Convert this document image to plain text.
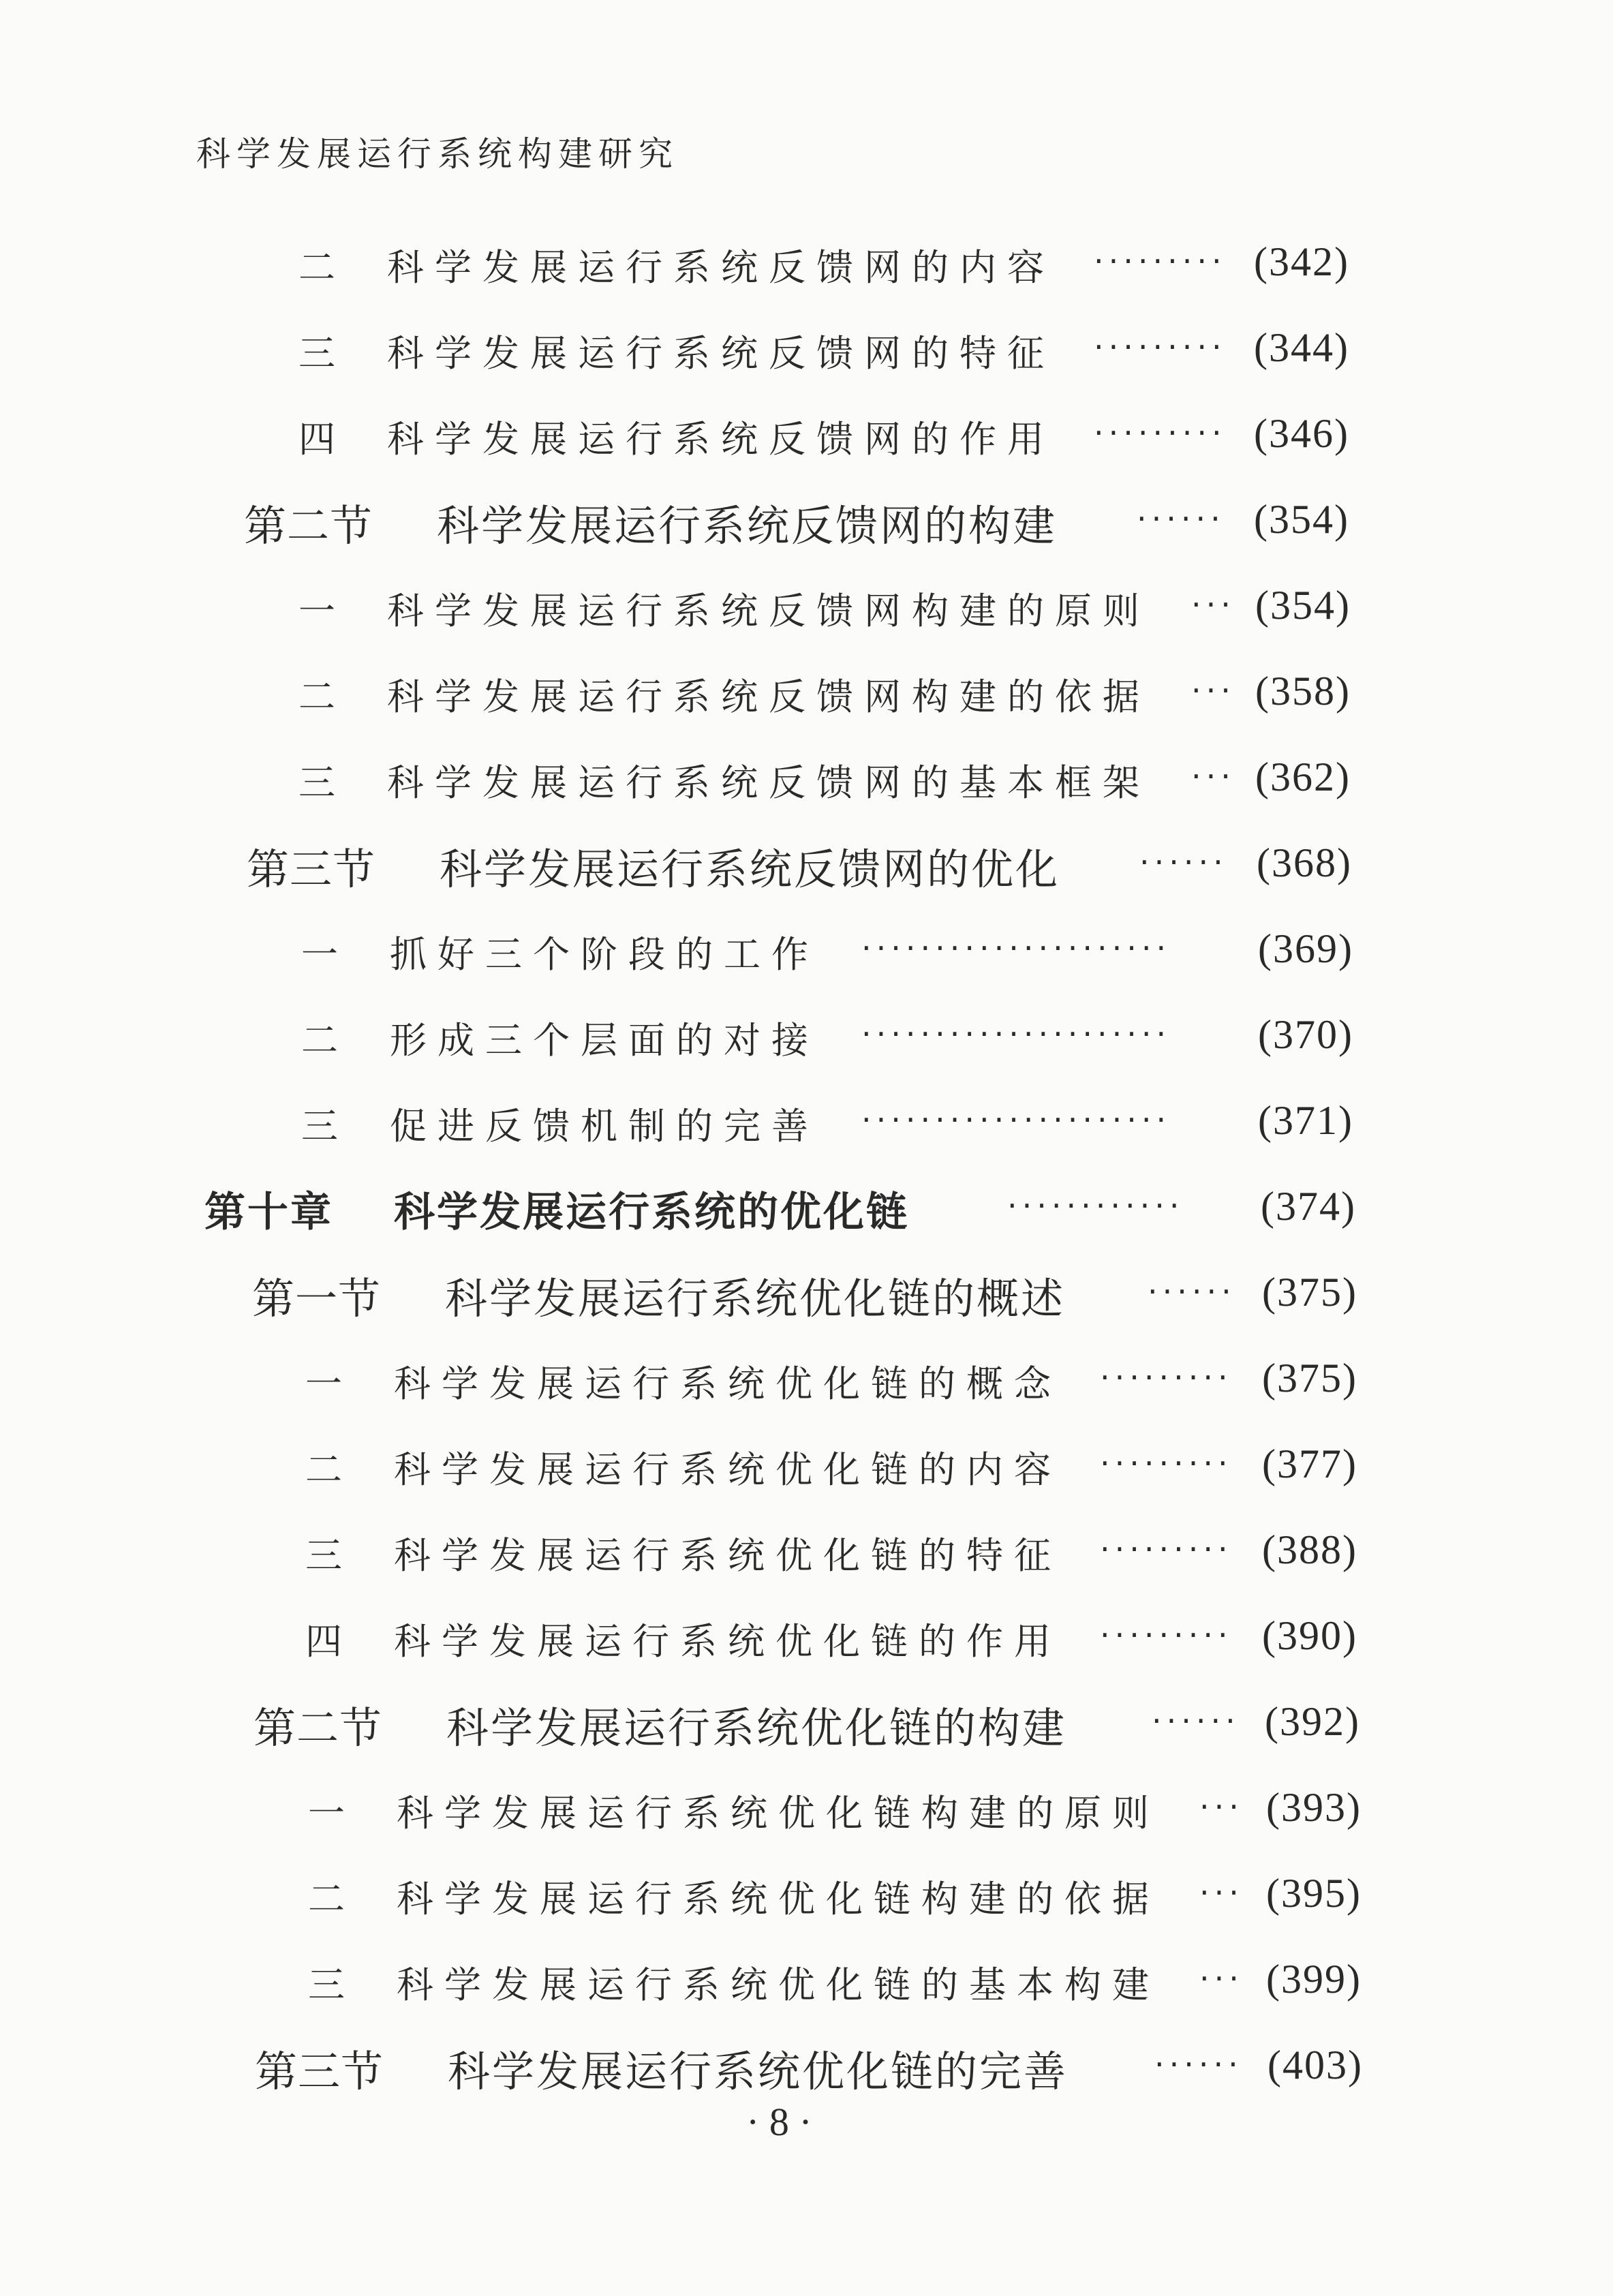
科学发展运行系统构建研究
二	科学发展运行系统反馈网的内容 ········· (342)
三	科学发展运行系统反馈网的特征 ········· (344)
四	科学发展运行系统反馈网的作用 ········· (346)
第二节	科学发展运行系统反馈网的构建	······ (354)
一	科学发展运行系统反馈网构建的原则 ··· (354)
二	科学发展运行系统反馈网构建的依据 ··· (358)
三	科学发展运行系统反馈网的基本框架 ··· (362)
第三节	科学发展运行系统反馈网的优化	······ (368)
一	抓好三个阶段的工作 ····················· (369)
二	形成三个层面的对接 ····················· (370)
三	促进反馈机制的完善 ····················· (371)
第十章	科学发展运行系统的优化链	············ (374)
第一节	科学发展运行系统优化链的概述	······ (375)
一	科学发展运行系统优化链的概念 ········· (375)
二	科学发展运行系统优化链的内容 ········· (377)
三	科学发展运行系统优化链的特征 ········· (388)
四	科学发展运行系统优化链的作用 ········· (390)
第二节	科学发展运行系统优化链的构建	······ (392)
一	科学发展运行系统优化链构建的原则 ··· (393)
二	科学发展运行系统优化链构建的依据 ··· (395)
三	科学发展运行系统优化链的基本构建 ··· (399)
第三节	科学发展运行系统优化链的完善	······ (403)
· 8 ·
